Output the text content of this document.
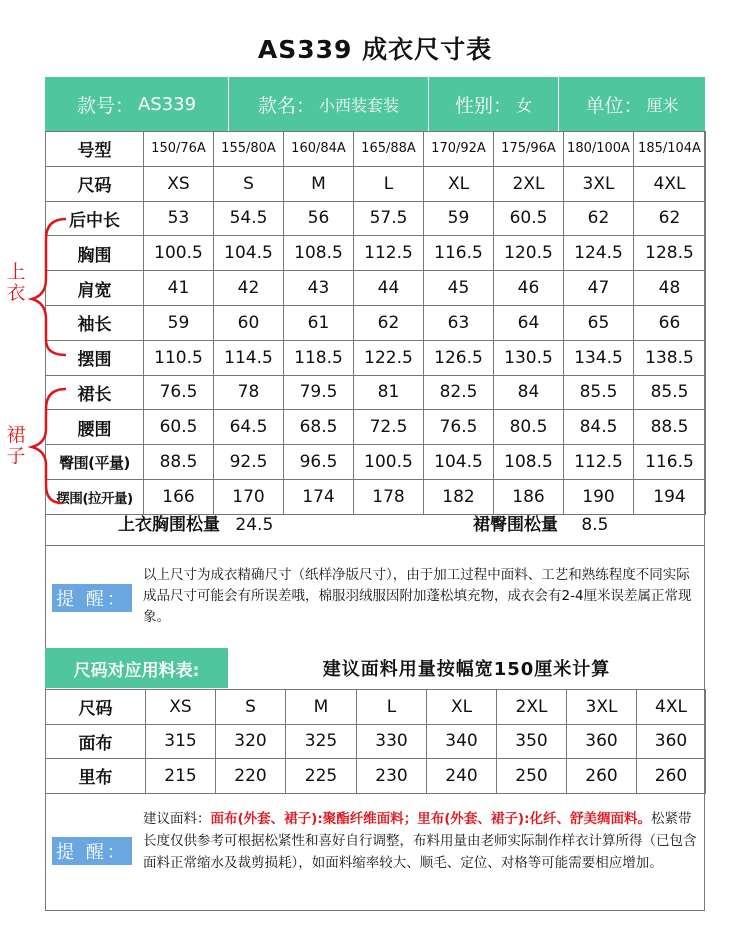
AS339 成衣尺寸表
款号： AS339	款名： 小西装套装	性别： 女	单位： 厘米
号型	150/76A	155/80A	160/84A	165/88A	170/92A	175/96A	180/100A	185/104A
尺码	XS	S	M	L	XL	2XL	3XL	4XL
后中长	53	54.5	56	57.5	59	60.5	62	62
胸围	100.5	104.5	108.5	112.5	116.5	120.5	124.5	128.5
肩宽	41	42	43	44	45	46	47	48
袖长	59	60	61	62	63	64	65	66
摆围	110.5	114.5	118.5	122.5	126.5	130.5	134.5	138.5
裙长	76.5	78	79.5	81	82.5	84	85.5	85.5
腰围	60.5	64.5	68.5	72.5	76.5	80.5	84.5	88.5
臀围(平量)	88.5	92.5	96.5	100.5	104.5	108.5	112.5	116.5
摆围(拉开量)	166	170	174	178	182	186	190	194
上衣
裙子
上衣胸围松量 24.5	裙臀围松量 8.5
提 醒：
以上尺寸为成衣精确尺寸（纸样净版尺寸），由于加工过程中面料、工艺和熟练程度不同实际成品尺寸可能会有所误差哦，棉服羽绒服因附加蓬松填充物，成衣会有2-4厘米误差属正常现象。
尺码对应用料表:	建议面料用量按幅宽150厘米计算
尺码	XS	S	M	L	XL	2XL	3XL	4XL
面布	315	320	325	330	340	350	360	360
里布	215	220	225	230	240	250	260	260
提 醒：
建议面料：面布(外套、裙子):聚酯纤维面料；里布(外套、裙子):化纤、舒美绸面料。松紧带长度仅供参考可根据松紧性和喜好自行调整，布料用量由老师实际制作样衣计算所得（已包含面料正常缩水及裁剪损耗），如面料缩率较大、顺毛、定位、对格等可能需要相应增加。
